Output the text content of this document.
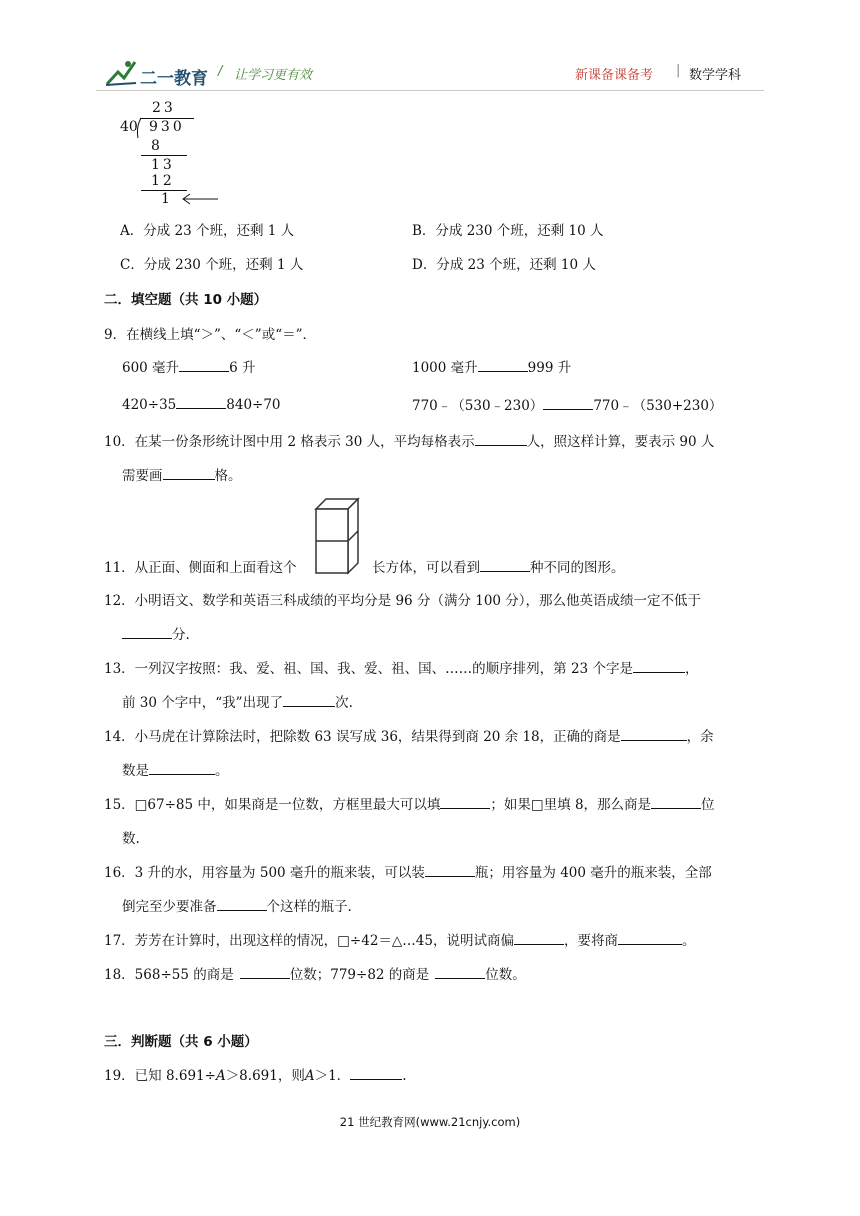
二一教育 / 让学习更有效	新课备课备考 | 数学学科
23
40 930
8
13
12
1
A．分成 23 个班，还剩 1 人	B．分成 230 个班，还剩 10 人
C．分成 230 个班，还剩 1 人	D．分成 23 个班，还剩 10 人
二．填空题（共 10 小题）
9．在横线上填“＞”、“＜”或“＝”．
600 毫升	6 升	1000 毫升	999 升
420÷35	840÷70	770﹣（530﹣230）	770﹣（530+230）
10．在某一份条形统计图中用 2 格表示 30 人，平均每格表示	人，照这样计算，要表示 90 人
需要画	格。
11．从正面、侧面和上面看这个	长方体，可以看到	种不同的图形。
12．小明语文、数学和英语三科成绩的平均分是 96 分（满分 100 分），那么他英语成绩一定不低于
分.
13．一列汉字按照：我、爱、祖、国、我、爱、祖、国、……的顺序排列，第 23 个字是	，
前 30 个字中，“我”出现了	次.
14．小马虎在计算除法时，把除数 63 误写成 36，结果得到商 20 余 18，正确的商是	，余
数是	。
15．□67÷85 中，如果商是一位数，方框里最大可以填	；如果□里填 8，那么商是	位
数.
16．3 升的水，用容量为 500 毫升的瓶来装，可以装	瓶；用容量为 400 毫升的瓶来装，全部
倒完至少要准备	个这样的瓶子.
17．芳芳在计算时，出现这样的情况，□÷42＝△…45，说明试商偏	，要将商	。
18．568÷55 的商是	位数；779÷82 的商是	位数。
三．判断题（共 6 小题）
19．已知 8.691÷A＞8.691，则A＞1．	.
21 世纪教育网(www.21cnjy.com)
